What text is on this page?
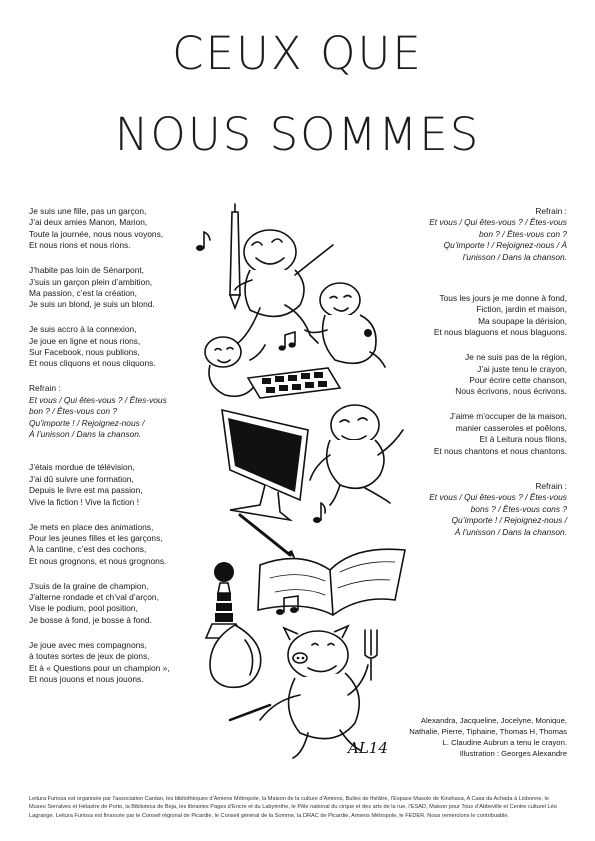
CEUX QUE
NOUS SOMMES
Je suis une fille, pas un garçon,
J’ai deux amies Manon, Marion,
Toute la journée, nous nous voyons,
Et nous rions et nous rions.
J’habite pas loin de Sénarpont,
J’suis un garçon plein d’ambition,
Ma passion, c’est la création,
Je suis un blond, je suis un blond.
Je suis accro à la connexion,
Je joue en ligne et nous rions,
Sur Facebook, nous publions,
Et nous cliquons et nous cliquons.
Refrain :
Et vous / Qui êtes-vous ? / Êtes-vous
bon ? / Êtes-vous con ?
Qu’importe ! / Rejoignez-nous /
À l’unisson / Dans la chanson.
J’étais mordue de télévision,
J’ai dû suivre une formation,
Depuis le livre est ma passion,
Vive la fiction ! Vive la fiction !
Je mets en place des animations,
Pour les jeunes filles et les garçons,
À la cantine, c’est des cochons,
Et nous grognons, et nous grognons.
J’suis de la graine de champion,
J’alterne rondade et ch’val d’arçon,
Vise le podium, pool position,
Je bosse à fond, je bosse à fond.
Je joue avec mes compagnons,
à toutes sortes de jeux de pions,
Et à « Questions pour un champion »,
Et nous jouons et nous jouons.
Refrain :
Et vous / Qui êtes-vous ? / Êtes-vous
bon ? / Êtes-vous con ?
Qu’importe ! / Rejoignez-nous / À
l’unisson / Dans la chanson.
Tous les jours je me donne à fond,
Fiction, jardin et maison,
Ma soupape la dérision,
Et nous blaguons et nous blaguons.
Je ne suis pas de la région,
J’ai juste tenu le crayon,
Pour écrire cette chanson,
Nous écrivons, nous écrivons.
J’aime m’occuper de la maison,
manier casseroles et poêlons,
Et à Leitura nous filons,
Et nous chantons et nous chantons.
Refrain :
Et vous / Qui êtes-vous ? / Êtes-vous
bons ? / Êtes-vous cons ?
Qu’importe ! / Rejoignez-nous /
À l’unisson / Dans la chanson.
Alexandra, Jacqueline, Jocelyne, Monique,
Nathalie, Pierre, Tiphaine, Thomas H, Thomas
L. Claudine Aubrun a tenu le crayon.
Illustration : Georges Alexandre
AL14
Leitura Furiosa est organisée par l’association Cardan, les bibliothèques d’Amiens Métropole, la Maison de la culture d’Amiens, Bulles de théâtre, l’Espace Masolo de Kinshasa, A Casa da Achada à Lisbonne, le Museu Serralves et Hélastre de Porto, la Biblioteca de Beja, les librairies Pages d’Encre et du Labyrinthe, le Pôle national du cirque et des arts de la rue, l’ESAD, Maison pour Tous d’Abbeville et Centre culturel Léo Lagrange. Leitura Furiosa est financée par le Conseil régional de Picardie, le Conseil général de la Somme, la DRAC de Picardie, Amiens Métropole, le FEDER. Nous remercions le contribuable.
